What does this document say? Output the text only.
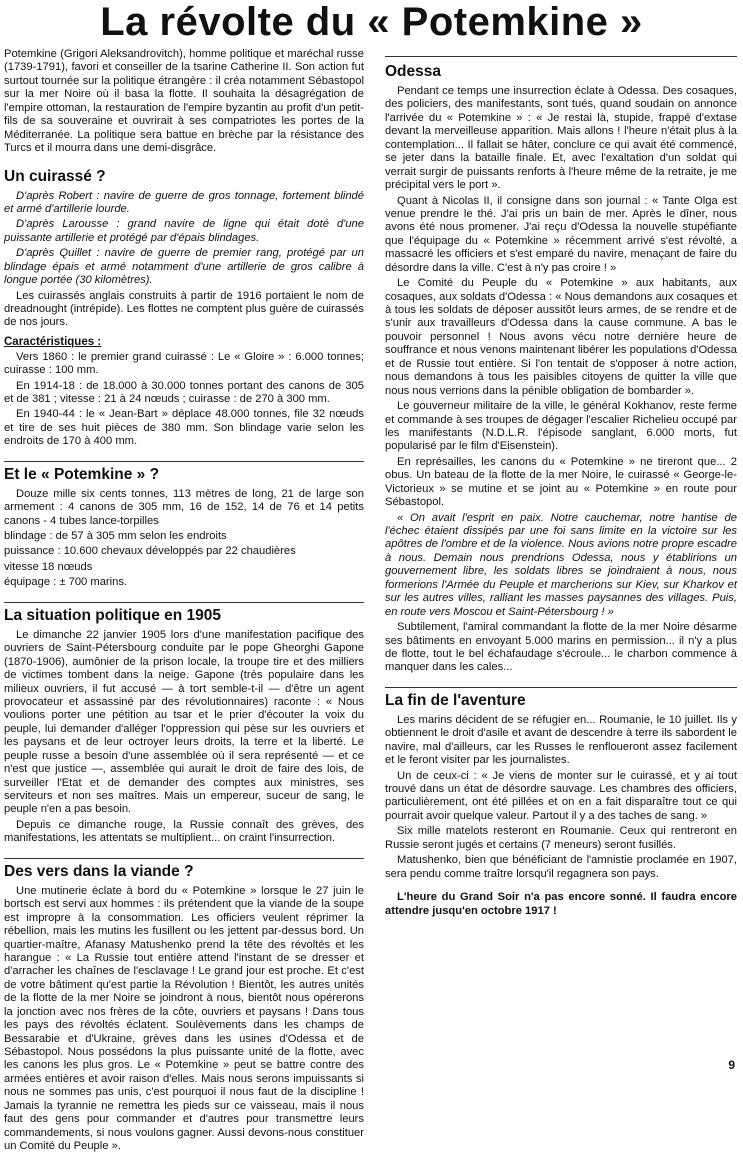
La révolte du « Potemkine »

Potemkine (Grigori Aleksandrovitch), homme politique et maréchal russe (1739-1791), favori et conseiller de la tsarine Catherine II. Son action fut surtout tournée sur la politique étrangère : il créa notamment Sébastopol sur la mer Noire où il basa la flotte. Il souhaita la désagrégation de l'empire ottoman, la restauration de l'empire byzantin au profit d'un petit-fils de sa souveraine et ouvrirait à ses compatriotes les portes de la Méditerranée. La politique sera battue en brèche par la résistance des Turcs et il mourra dans une demi-disgrâce.

Un cuirassé ?

D'après Robert : navire de guerre de gros tonnage, fortement blindé et armé d'artillerie lourde.

D'après Larousse : grand navire de ligne qui était doté d'une puissante artillerie et protégé par d'épais blindages.

D'après Quillet : navire de guerre de premier rang, protégé par un blindage épais et armé notamment d'une artillerie de gros calibre à longue portée (30 kilomètres).

Les cuirassés anglais construits à partir de 1916 portaient le nom de dreadnought (intrépide). Les flottes ne comptent plus guère de cuirassés de nos jours.

Caractéristiques :

Vers 1860 : le premier grand cuirassé : Le « Gloire » : 6.000 tonnes; cuirasse : 100 mm.

En 1914-18 : de 18.000 à 30.000 tonnes portant des canons de 305 et de 381 ; vitesse : 21 à 24 nœuds ; cuirasse : de 270 à 300 mm.

En 1940-44 : le « Jean-Bart » déplace 48.000 tonnes, file 32 nœuds et tire de ses huit pièces de 380 mm. Son blindage varie selon les endroits de 170 à 400 mm.

Et le « Potemkine » ?

Douze mille six cents tonnes, 113 mètres de long, 21 de large son armement : 4 canons de 305 mm, 16 de 152, 14 de 76 et 14 petits canons - 4 tubes lance-torpilles

blindage : de 57 à 305 mm selon les endroits

puissance : 10.600 chevaux développés par 22 chaudières

vitesse 18 nœuds

équipage : ± 700 marins.

La situation politique en 1905

Le dimanche 22 janvier 1905 lors d'une manifestation pacifique des ouvriers de Saint-Pétersbourg conduite par le pope Gheorghi Gapone (1870-1906), aumônier de la prison locale, la troupe tire et des milliers de victimes tombent dans la neige. Gapone (très populaire dans les milieux ouvriers, il fut accusé — à tort semble-t-il — d'être un agent provocateur et assassiné par des révolutionnaires) raconte : « Nous voulions porter une pétition au tsar et le prier d'écouter la voix du peuple, lui demander d'alléger l'oppression qui pèse sur les ouvriers et les paysans et de leur octroyer leurs droits, la terre et la liberté. Le peuple russe a besoin d'une assemblée où il sera représenté — et ce n'est que justice —, assemblée qui aurait le droit de faire des lois, de surveiller l'Etat et de demander des comptes aux ministres, ses serviteurs et non ses maîtres. Mais un empereur, suceur de sang, le peuple n'en a pas besoin.

Depuis ce dimanche rouge, la Russie connaît des grèves, des manifestations, les attentats se multiplient... on craint l'insurrection.

Des vers dans la viande ?

Une mutinerie éclate à bord du « Potemkine » lorsque le 27 juin le bortsch est servi aux hommes : ils prétendent que la viande de la soupe est impropre à la consommation. Les officiers veulent réprimer la rébellion, mais les mutins les fusillent ou les jettent par-dessus bord. Un quartier-maître, Afanasy Matushenko prend la tête des révoltés et les harangue : « La Russie tout entière attend l'instant de se dresser et d'arracher les chaînes de l'esclavage ! Le grand jour est proche. Et c'est de votre bâtiment qu'est partie la Révolution ! Bientôt, les autres unités de la flotte de la mer Noire se joindront à nous, bientôt nous opérerons la jonction avec nos frères de la côte, ouvriers et paysans ! Dans tous les pays des révoltés éclatent. Soulèvements dans les champs de Bessarabie et d'Ukraine, grèves dans les usines d'Odessa et de Sébastopol. Nous possédons la plus puissante unité de la flotte, avec les canons les plus gros. Le « Potemkine » peut se battre contre des armées entières et avoir raison d'elles. Mais nous serons impuissants si nous ne sommes pas unis, c'est pourquoi il nous faut de la discipline ! Jamais la tyrannie ne remettra les pieds sur ce vaisseau, mais il nous faut des gens pour commander et d'autres pour transmettre leurs commandements, si nous voulons gagner. Aussi devons-nous constituer un Comité du Peuple ».

Odessa

Pendant ce temps une insurrection éclate à Odessa. Des cosaques, des policiers, des manifestants, sont tués, quand soudain on annonce l'arrivée du « Potemkine » : « Je restai là, stupide, frappé d'extase devant la merveilleuse apparition. Mais allons ! l'heure n'était plus à la contemplation... Il fallait se hâter, conclure ce qui avait été commencé, se jeter dans la bataille finale. Et, avec l'exaltation d'un soldat qui verrait surgir de puissants renforts à l'heure même de la retraite, je me précipital vers le port ».

Quant à Nicolas II, il consigne dans son journal : « Tante Olga est venue prendre le thé. J'ai pris un bain de mer. Après le dîner, nous avons été nous promener. J'ai reçu d'Odessa la nouvelle stupéfiante que l'équipage du « Potemkine » récemment arrivé s'est révolté, a massacré les officiers et s'est emparé du navire, menaçant de faire du désordre dans la ville. C'est à n'y pas croire ! »

Le Comité du Peuple du « Potemkine » aux habitants, aux cosaques, aux soldats d'Odessa : « Nous demandons aux cosaques et à tous les soldats de déposer aussitôt leurs armes, de se rendre et de s'unir aux travailleurs d'Odessa dans la cause commune. A bas le pouvoir personnel ! Nous avons vécu notre dernière heure de souffrance et nous venons maintenant libérer les populations d'Odessa et de Russie tout entière. Si l'on tentait de s'opposer à notre action, nous demandons à tous les paisibles citoyens de quitter la ville que nous nous verrions dans la pénible obligation de bombarder ».

Le gouverneur militaire de la ville, le général Kokhanov, reste ferme et commande à ses troupes de dégager l'escalier Richelieu occupé par les manifestants (N.D.L.R. l'épisode sanglant, 6.000 morts, fut popularisé par le film d'Eisenstein).

En représailles, les canons du « Potemkine » ne tireront que... 2 obus. Un bateau de la flotte de la mer Noire, le cuirassé « George-le-Victorieux » se mutine et se joint au « Potemkine » en route pour Sébastopol.

« On avait l'esprit en paix. Notre cauchemar, notre hantise de l'échec étaient dissipés par une foi sans limite en la victoire sur les apôtres de l'ombre et de la violence. Nous avions notre propre escadre à nous. Demain nous prendrions Odessa, nous y établirions un gouvernement libre, les soldats libres se joindraient à nous, nous formerions l'Armée du Peuple et marcherions sur Kiev, sur Kharkov et sur les autres villes, ralliant les masses paysannes des villages. Puis, en route vers Moscou et Saint-Pétersbourg ! »

Subtilement, l'amiral commandant la flotte de la mer Noire désarme ses bâtiments en envoyant 5.000 marins en permission... il n'y a plus de flotte, tout le bel échafaudage s'écroule... le charbon commence à manquer dans les cales...

La fin de l'aventure

Les marins décident de se réfugier en... Roumanie, le 10 juillet. Ils y obtiennent le droit d'asile et avant de descendre à terre ils sabordent le navire, mal d'ailleurs, car les Russes le renfloueront assez facilement et le feront visiter par les journalistes.

Un de ceux-ci : « Je viens de monter sur le cuirassé, et y ai tout trouvé dans un état de désordre sauvage. Les chambres des officiers, particulièrement, ont été pillées et on en a fait disparaître tout ce qui pourrait avoir quelque valeur. Partout il y a des taches de sang. »

Six mille matelots resteront en Roumanie. Ceux qui rentreront en Russie seront jugés et certains (7 meneurs) seront fusillés.

Matushenko, bien que bénéficiant de l'amnistie proclamée en 1907, sera pendu comme traître lorsqu'il regagnera son pays.

L'heure du Grand Soir n'a pas encore sonné. Il faudra encore attendre jusqu'en octobre 1917 !

9
